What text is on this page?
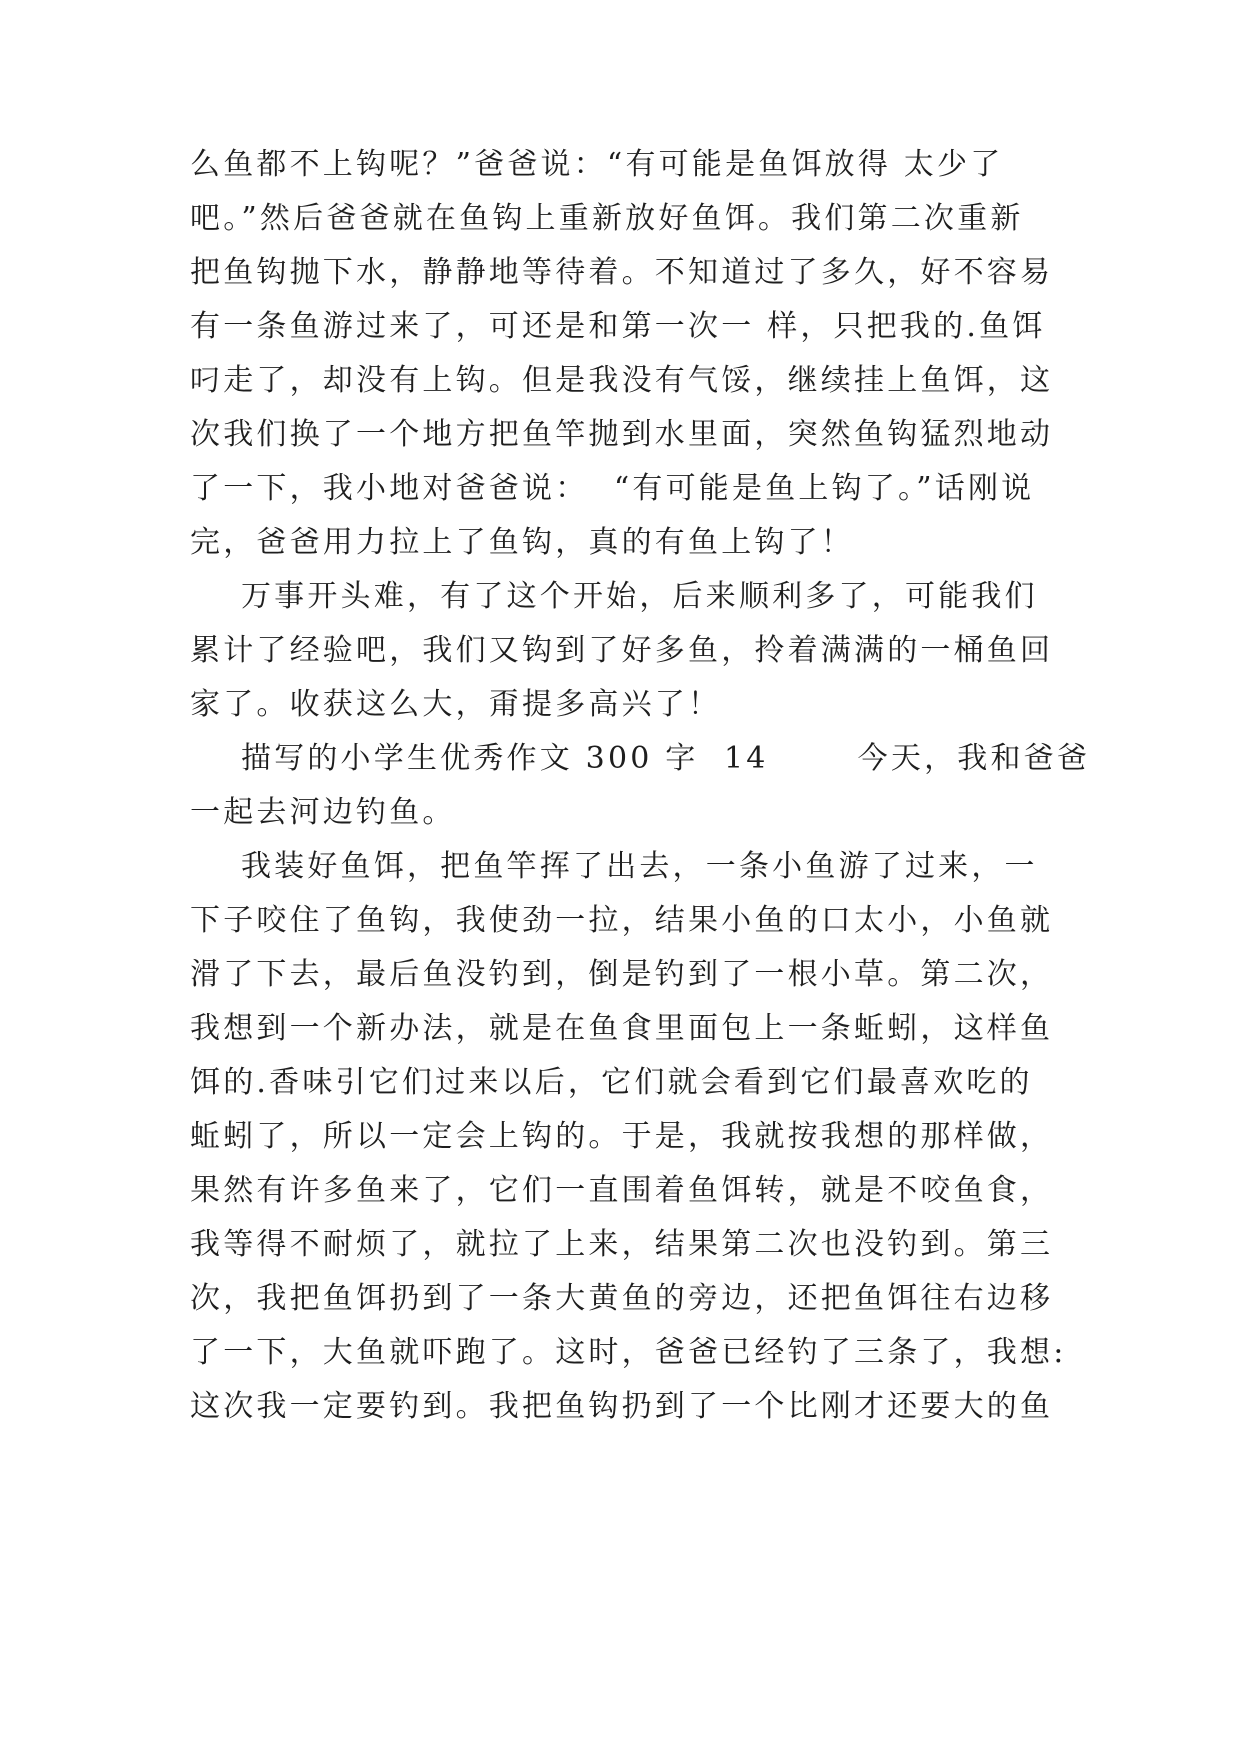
么鱼都不上钩呢？”爸爸说：“有可能是鱼饵放得 太少了
吧。”然后爸爸就在鱼钩上重新放好鱼饵。我们第二次重新
把鱼钩抛下水，静静地等待着。不知道过了多久，好不容易
有一条鱼游过来了，可还是和第一次一 样，只把我的.鱼饵
叼走了，却没有上钩。但是我没有气馁，继续挂上鱼饵，这
次我们换了一个地方把鱼竿抛到水里面，突然鱼钩猛烈地动
了一下，我小地对爸爸说：  “有可能是鱼上钩了。”话刚说
完，爸爸用力拉上了鱼钩，真的有鱼上钩了！
万事开头难，有了这个开始，后来顺利多了，可能我们
累计了经验吧，我们又钩到了好多鱼，拎着满满的一桶鱼回
家了。收获这么大，甭提多高兴了！
描写的小学生优秀作文 300 字  14       今天，我和爸爸
一起去河边钓鱼。
我装好鱼饵，把鱼竿挥了出去，一条小鱼游了过来，一
下子咬住了鱼钩，我使劲一拉，结果小鱼的口太小，小鱼就
滑了下去，最后鱼没钓到，倒是钓到了一根小草。第二次，
我想到一个新办法，就是在鱼食里面包上一条蚯蚓，这样鱼
饵的.香味引它们过来以后，它们就会看到它们最喜欢吃的
蚯蚓了，所以一定会上钩的。于是，我就按我想的那样做，
果然有许多鱼来了，它们一直围着鱼饵转，就是不咬鱼食，
我等得不耐烦了，就拉了上来，结果第二次也没钓到。第三
次，我把鱼饵扔到了一条大黄鱼的旁边，还把鱼饵往右边移
了一下，大鱼就吓跑了。这时，爸爸已经钓了三条了，我想:
这次我一定要钓到。我把鱼钩扔到了一个比刚才还要大的鱼
